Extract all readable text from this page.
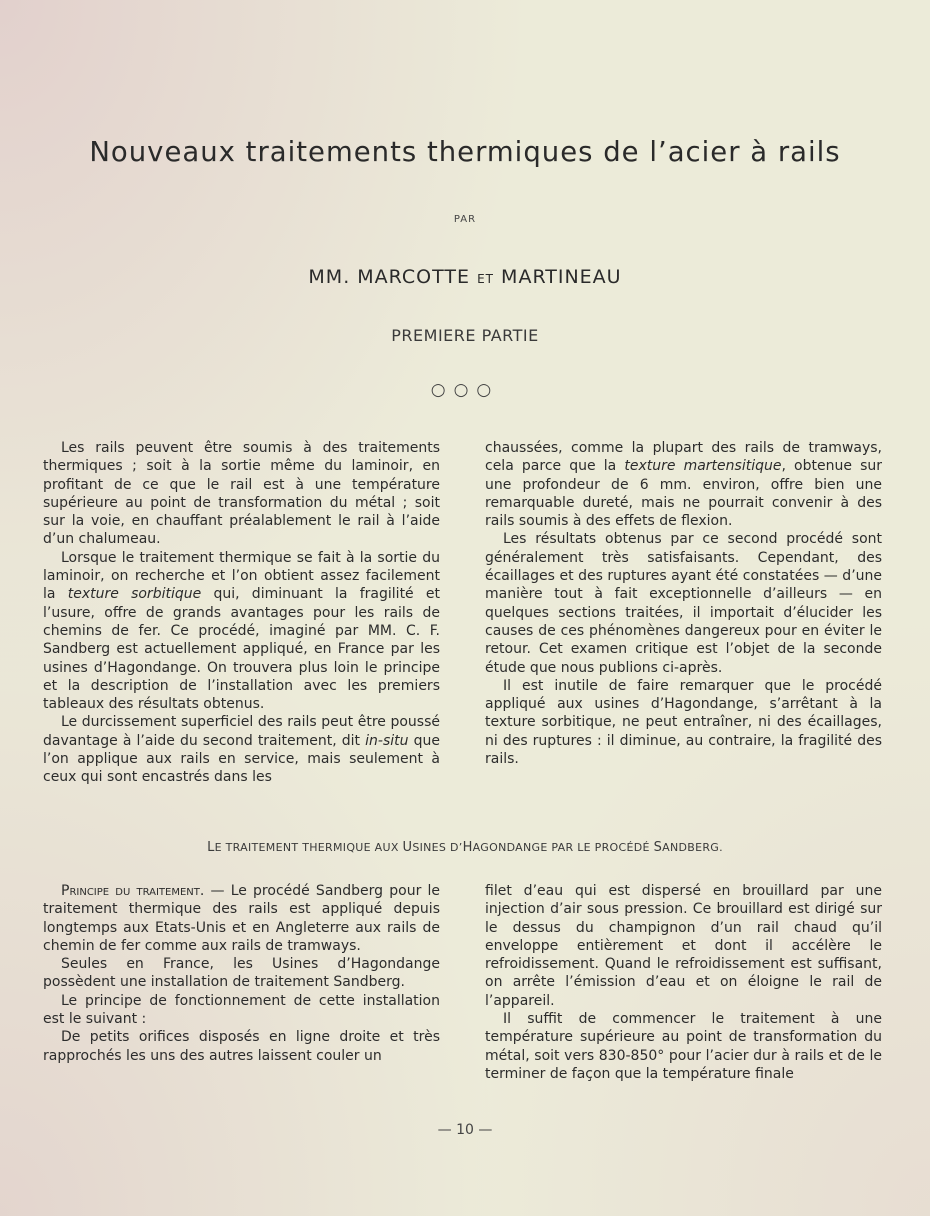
Nouveaux traitements thermiques de l’acier à rails
PAR
MM. MARCOTTE ET MARTINEAU
PREMIERE PARTIE
○○○

Les rails peuvent être soumis à des traitements thermiques ; soit à la sortie même du laminoir, en profitant de ce que le rail est à une température supérieure au point de transformation du métal ; soit sur la voie, en chauffant préalablement le rail à l’aide d’un chalumeau.

Lorsque le traitement thermique se fait à la sortie du laminoir, on recherche et l’on obtient assez facilement la texture sorbitique qui, diminuant la fragilité et l’usure, offre de grands avantages pour les rails de chemins de fer. Ce procédé, imaginé par MM. C. F. Sandberg est actuellement appliqué, en France par les usines d’Hagondange. On trouvera plus loin le principe et la description de l’installation avec les premiers tableaux des résultats obtenus.

Le durcissement superficiel des rails peut être poussé davantage à l’aide du second traitement, dit in-situ que l’on applique aux rails en service, mais seulement à ceux qui sont encastrés dans les

chaussées, comme la plupart des rails de tramways, cela parce que la texture martensitique, obtenue sur une profondeur de 6 mm. environ, offre bien une remarquable dureté, mais ne pourrait convenir à des rails soumis à des effets de flexion.

Les résultats obtenus par ce second procédé sont généralement très satisfaisants. Cependant, des écaillages et des ruptures ayant été constatées — d’une manière tout à fait exceptionnelle d’ailleurs — en quelques sections traitées, il importait d’élucider les causes de ces phénomènes dangereux pour en éviter le retour. Cet examen critique est l’objet de la seconde étude que nous publions ci-après.

Il est inutile de faire remarquer que le procédé appliqué aux usines d’Hagondange, s’arrêtant à la texture sorbitique, ne peut entraîner, ni des écaillages, ni des ruptures : il diminue, au contraire, la fragilité des rails.

LE TRAITEMENT THERMIQUE AUX USINES D’HAGONDANGE PAR LE PROCÉDÉ SANDBERG.

Principe du traitement. — Le procédé Sandberg pour le traitement thermique des rails est appliqué depuis longtemps aux Etats-Unis et en Angleterre aux rails de chemin de fer comme aux rails de tramways.

Seules en France, les Usines d’Hagondange possèdent une installation de traitement Sandberg.

Le principe de fonctionnement de cette installation est le suivant :

De petits orifices disposés en ligne droite et très rapprochés les uns des autres laissent couler un

filet d’eau qui est dispersé en brouillard par une injection d’air sous pression. Ce brouillard est dirigé sur le dessus du champignon d’un rail chaud qu’il enveloppe entièrement et dont il accélère le refroidissement. Quand le refroidissement est suffisant, on arrête l’émission d’eau et on éloigne le rail de l’appareil.

Il suffit de commencer le traitement à une température supérieure au point de transformation du métal, soit vers 830-850° pour l’acier dur à rails et de le terminer de façon que la température finale

— 10 —
